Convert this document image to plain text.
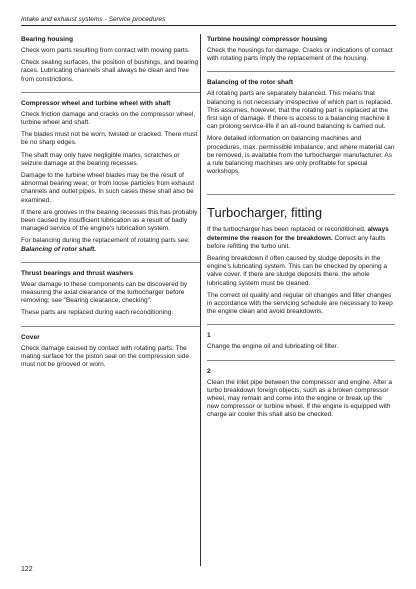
Intake and exhaust systems - Service procedures
Bearing housing

Check worn parts resulting from contact with moving parts.

Check sealing surfaces, the position of bushings, and bearing races. Lubricating channels shall always be clean and free from constrictions.

Compressor wheel and turbine wheel with shaft

Check friction damage and cracks on the compressor wheel, turbine wheel and shaft.

The blades must not be worn, twisted or cracked. There must be no sharp edges.

The shaft may only have negligible marks, scratches or seizure damage at the bearing recesses.

Damage to the turbine wheel blades may be the result of abnormal bearing wear, or from loose particles from exhaust channels and outlet pipes. In such cases these shall also be examined.

If there are grooves in the bearing recesses this has probably been caused by insufficient lubrication as a result of badly managed service of the engine's lubrication system.

For balancing during the replacement of rotating parts see: Balancing of rotor shaft.

Thrust bearings and thrust washers

Wear damage to these components can be discovered by measuring the axial clearance of the turbocharger before removing; see "Bearing clearance, checking".

These parts are replaced during each reconditioning.

Cover

Check damage caused by contact with rotating parts. The mating surface for the piston seal on the compression side must not be grooved or worn.

Turbine housing/ compressor housing

Check the housings for damage. Cracks or indications of contact with rotating parts imply the replacement of the housing.

Balancing of the rotor shaft

All rotating parts are separately balanced. This means that balancing is not necessary irrespective of which part is replaced. This assumes, however, that the rotating part is replaced at the first sign of damage. If there is access to a balancing machine it can prolong service-life if an all-round balancing is carried out.

More detailed information on balancing machines and procedures, max. permissible imbalance, and where material can be removed, is available from the turbocharger manufacturer. As a rule balancing machines are only profitable for special workshops.

Turbocharger, fitting

If the turbocharger has been replaced or reconditioned, always determine the reason for the breakdown. Correct any faults before refitting the turbo unit.

Bearing breakdown if often caused by sludge deposits in the engine's lubricating system. This can be checked by opening a valve cover. If there are sludge deposits there, the whole lubricating system must be cleaned.

The correct oil quality and regular oil changes and filter changes in accordance with the servicing schedule are necessary to keep the engine clean and avoid breakdowns.

1

Change the engine oil and lubricating oil filter.

2

Clean the inlet pipe between the compressor and engine. After a turbo breakdown foreign objects, such as a broken compressor wheel, may remain and come into the engine or break up the new compressor or turbine wheel. If the engine is equipped with charge air cooler this shall also be checked.

122
